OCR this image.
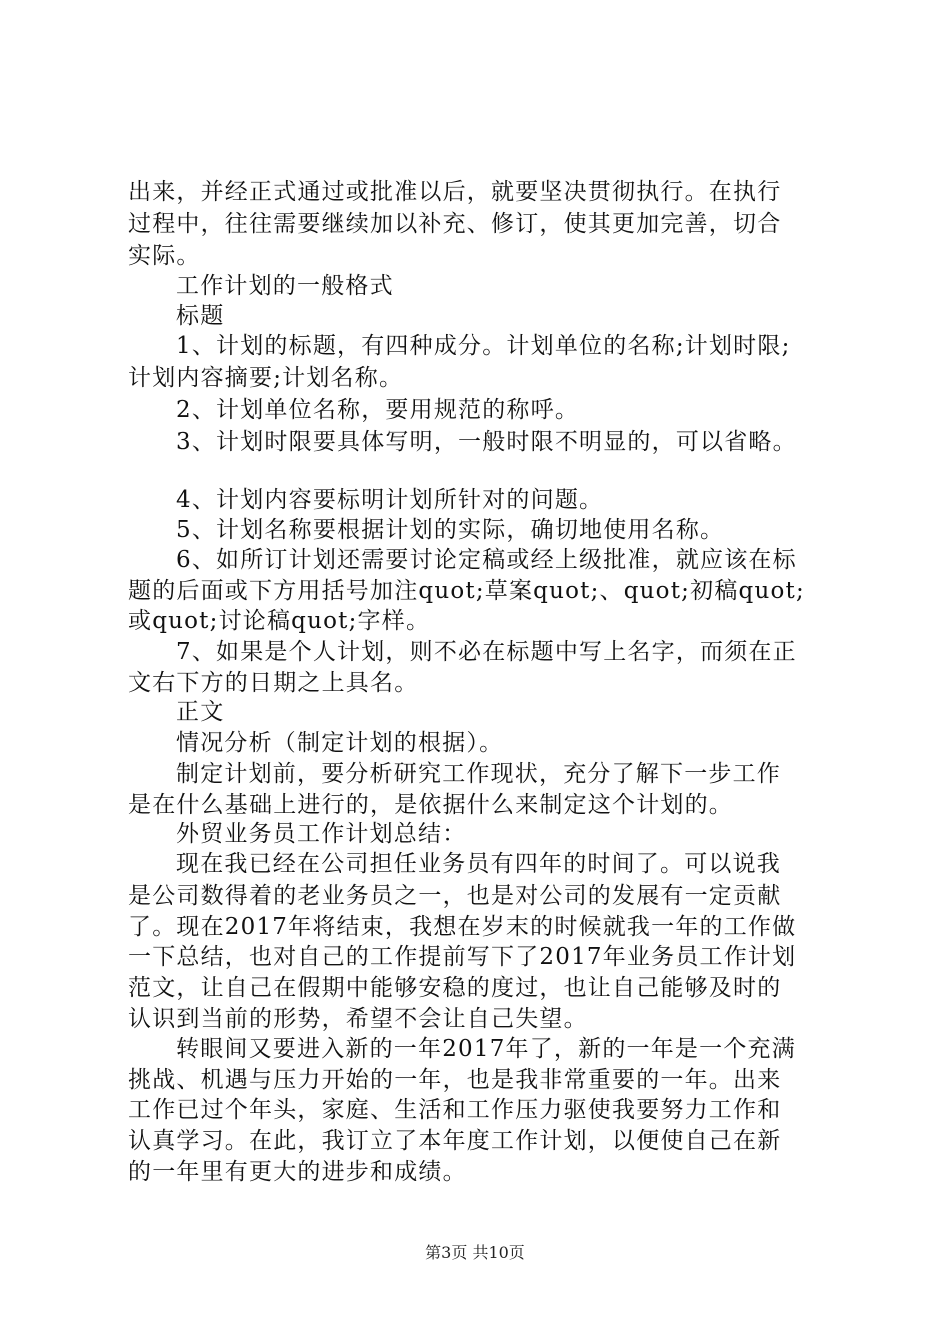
出来，并经正式通过或批准以后，就要坚决贯彻执行。在执行
过程中，往往需要继续加以补充、修订，使其更加完善，切合
实际。
工作计划的一般格式
标题
1、计划的标题，有四种成分。计划单位的名称;计划时限;
计划内容摘要;计划名称。
2、计划单位名称，要用规范的称呼。
3、计划时限要具体写明，一般时限不明显的，可以省略。
4、计划内容要标明计划所针对的问题。
5、计划名称要根据计划的实际，确切地使用名称。
6、如所订计划还需要讨论定稿或经上级批准，就应该在标
题的后面或下方用括号加注quot;草案quot;、quot;初稿quot;
或quot;讨论稿quot;字样。
7、如果是个人计划，则不必在标题中写上名字，而须在正
文右下方的日期之上具名。
正文
情况分析（制定计划的根据）。
制定计划前，要分析研究工作现状，充分了解下一步工作
是在什么基础上进行的，是依据什么来制定这个计划的。
外贸业务员工作计划总结：
现在我已经在公司担任业务员有四年的时间了。可以说我
是公司数得着的老业务员之一，也是对公司的发展有一定贡献
了。现在2017年将结束，我想在岁末的时候就我一年的工作做
一下总结，也对自己的工作提前写下了2017年业务员工作计划
范文，让自己在假期中能够安稳的度过，也让自己能够及时的
认识到当前的形势，希望不会让自己失望。
转眼间又要进入新的一年2017年了，新的一年是一个充满
挑战、机遇与压力开始的一年，也是我非常重要的一年。出来
工作已过个年头，家庭、生活和工作压力驱使我要努力工作和
认真学习。在此，我订立了本年度工作计划，以便使自己在新
的一年里有更大的进步和成绩。
第3页 共10页
